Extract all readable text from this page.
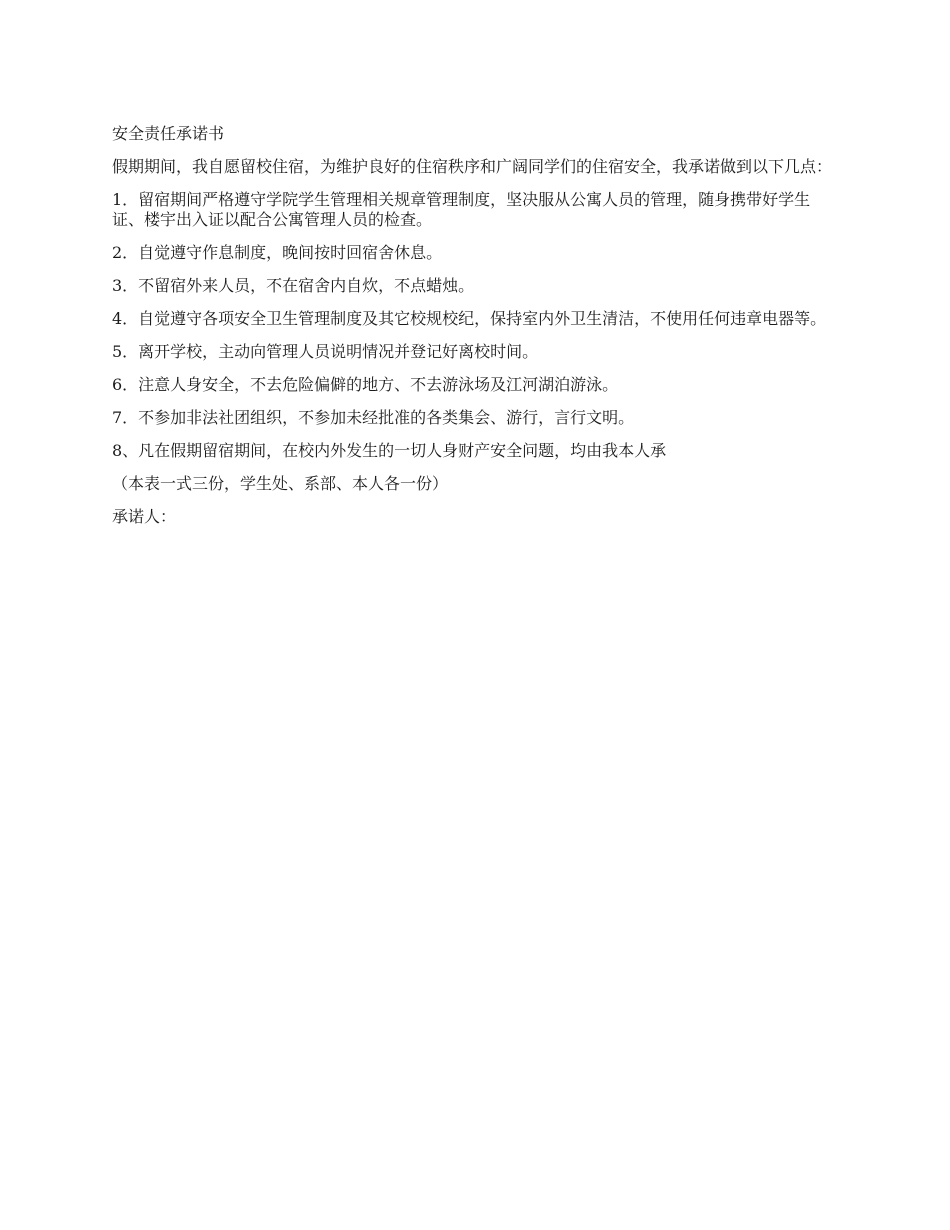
安全责任承诺书

假期期间，我自愿留校住宿，为维护良好的住宿秩序和广阔同学们的住宿安全，我承诺做到以下几点：

1．留宿期间严格遵守学院学生管理相关规章管理制度，坚决服从公寓人员的管理，随身携带好学生证、楼宇出入证以配合公寓管理人员的检查。

2．自觉遵守作息制度，晚间按时回宿舍休息。

3．不留宿外来人员，不在宿舍内自炊，不点蜡烛。

4．自觉遵守各项安全卫生管理制度及其它校规校纪，保持室内外卫生清洁，不使用任何违章电器等。

5．离开学校，主动向管理人员说明情况并登记好离校时间。

6．注意人身安全，不去危险偏僻的地方、不去游泳场及江河湖泊游泳。

7．不参加非法社团组织，不参加未经批准的各类集会、游行，言行文明。

8、凡在假期留宿期间，在校内外发生的一切人身财产安全问题，均由我本人承

（本表一式三份，学生处、系部、本人各一份）

承诺人：
